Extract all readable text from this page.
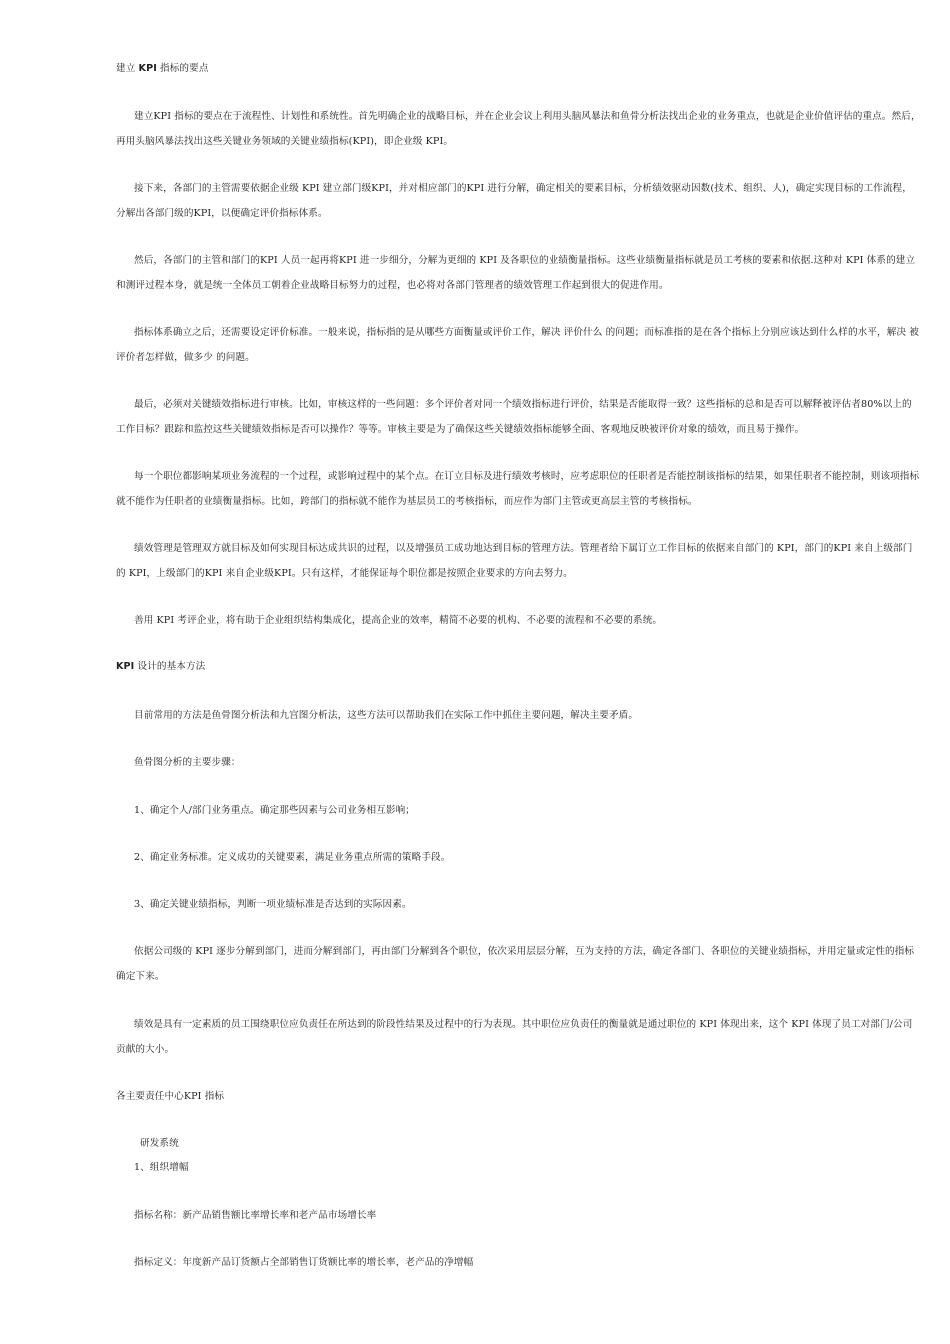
建立 KPI 指标的要点
建立KPI 指标的要点在于流程性、计划性和系统性。首先明确企业的战略目标，并在企业会议上利用头脑风暴法和鱼骨分析法找出企业的业务重点，也就是企业价值评估的重点。然后，
再用头脑风暴法找出这些关键业务领域的关键业绩指标(KPI)，即企业级 KPI。
接下来，各部门的主管需要依据企业级 KPI 建立部门级KPI，并对相应部门的KPI 进行分解，确定相关的要素目标，分析绩效驱动因数(技术、组织、人)，确定实现目标的工作流程，
分解出各部门级的KPI，以便确定评价指标体系。
然后，各部门的主管和部门的KPI 人员一起再将KPI 进一步细分，分解为更细的 KPI 及各职位的业绩衡量指标。这些业绩衡量指标就是员工考核的要素和依据.这种对 KPI 体系的建立
和测评过程本身，就是统一全体员工朝着企业战略目标努力的过程，也必将对各部门管理者的绩效管理工作起到很大的促进作用。
指标体系确立之后，还需要设定评价标准。一般来说，指标指的是从哪些方面衡量或评价工作，解决 评价什么 的问题；而标准指的是在各个指标上分别应该达到什么样的水平，解决 被
评价者怎样做，做多少 的问题。
最后，必须对关键绩效指标进行审核。比如，审核这样的一些问题：多个评价者对同一个绩效指标进行评价，结果是否能取得一致？这些指标的总和是否可以解释被评估者80%以上的
工作目标？跟踪和监控这些关键绩效指标是否可以操作？等等。审核主要是为了确保这些关键绩效指标能够全面、客观地反映被评价对象的绩效，而且易于操作。
每一个职位都影响某项业务流程的一个过程，或影响过程中的某个点。在订立目标及进行绩效考核时，应考虑职位的任职者是否能控制该指标的结果，如果任职者不能控制，则该项指标
就不能作为任职者的业绩衡量指标。比如，跨部门的指标就不能作为基层员工的考核指标，而应作为部门主管或更高层主管的考核指标。
绩效管理是管理双方就目标及如何实现目标达成共识的过程，以及增强员工成功地达到目标的管理方法。管理者给下属订立工作目标的依据来自部门的 KPI，部门的KPI 来自上级部门
的 KPI，上级部门的KPI 来自企业级KPI。只有这样，才能保证每个职位都是按照企业要求的方向去努力。
善用 KPI 考评企业，将有助于企业组织结构集成化，提高企业的效率，精简不必要的机构、不必要的流程和不必要的系统。
KPI 设计的基本方法
目前常用的方法是鱼骨图分析法和九宫图分析法，这些方法可以帮助我们在实际工作中抓住主要问题，解决主要矛盾。
鱼骨图分析的主要步骤：
1、确定个人/部门业务重点。确定那些因素与公司业务相互影响；
2、确定业务标准。定义成功的关键要素，满足业务重点所需的策略手段。
3、确定关键业绩指标，判断一项业绩标准是否达到的实际因素。
依据公司级的 KPI 逐步分解到部门，进而分解到部门，再由部门分解到各个职位，依次采用层层分解，互为支持的方法，确定各部门、各职位的关键业绩指标，并用定量或定性的指标
确定下来。
绩效是具有一定素质的员工围绕职位应负责任在所达到的阶段性结果及过程中的行为表现。其中职位应负责任的衡量就是通过职位的 KPI 体现出来，这个 KPI 体现了员工对部门/公司
贡献的大小。
各主要责任中心KPI 指标
研发系统
1、组织增幅
指标名称：新产品销售额比率增长率和老产品市场增长率
指标定义：年度新产品订货额占全部销售订货额比率的增长率，老产品的净增幅
